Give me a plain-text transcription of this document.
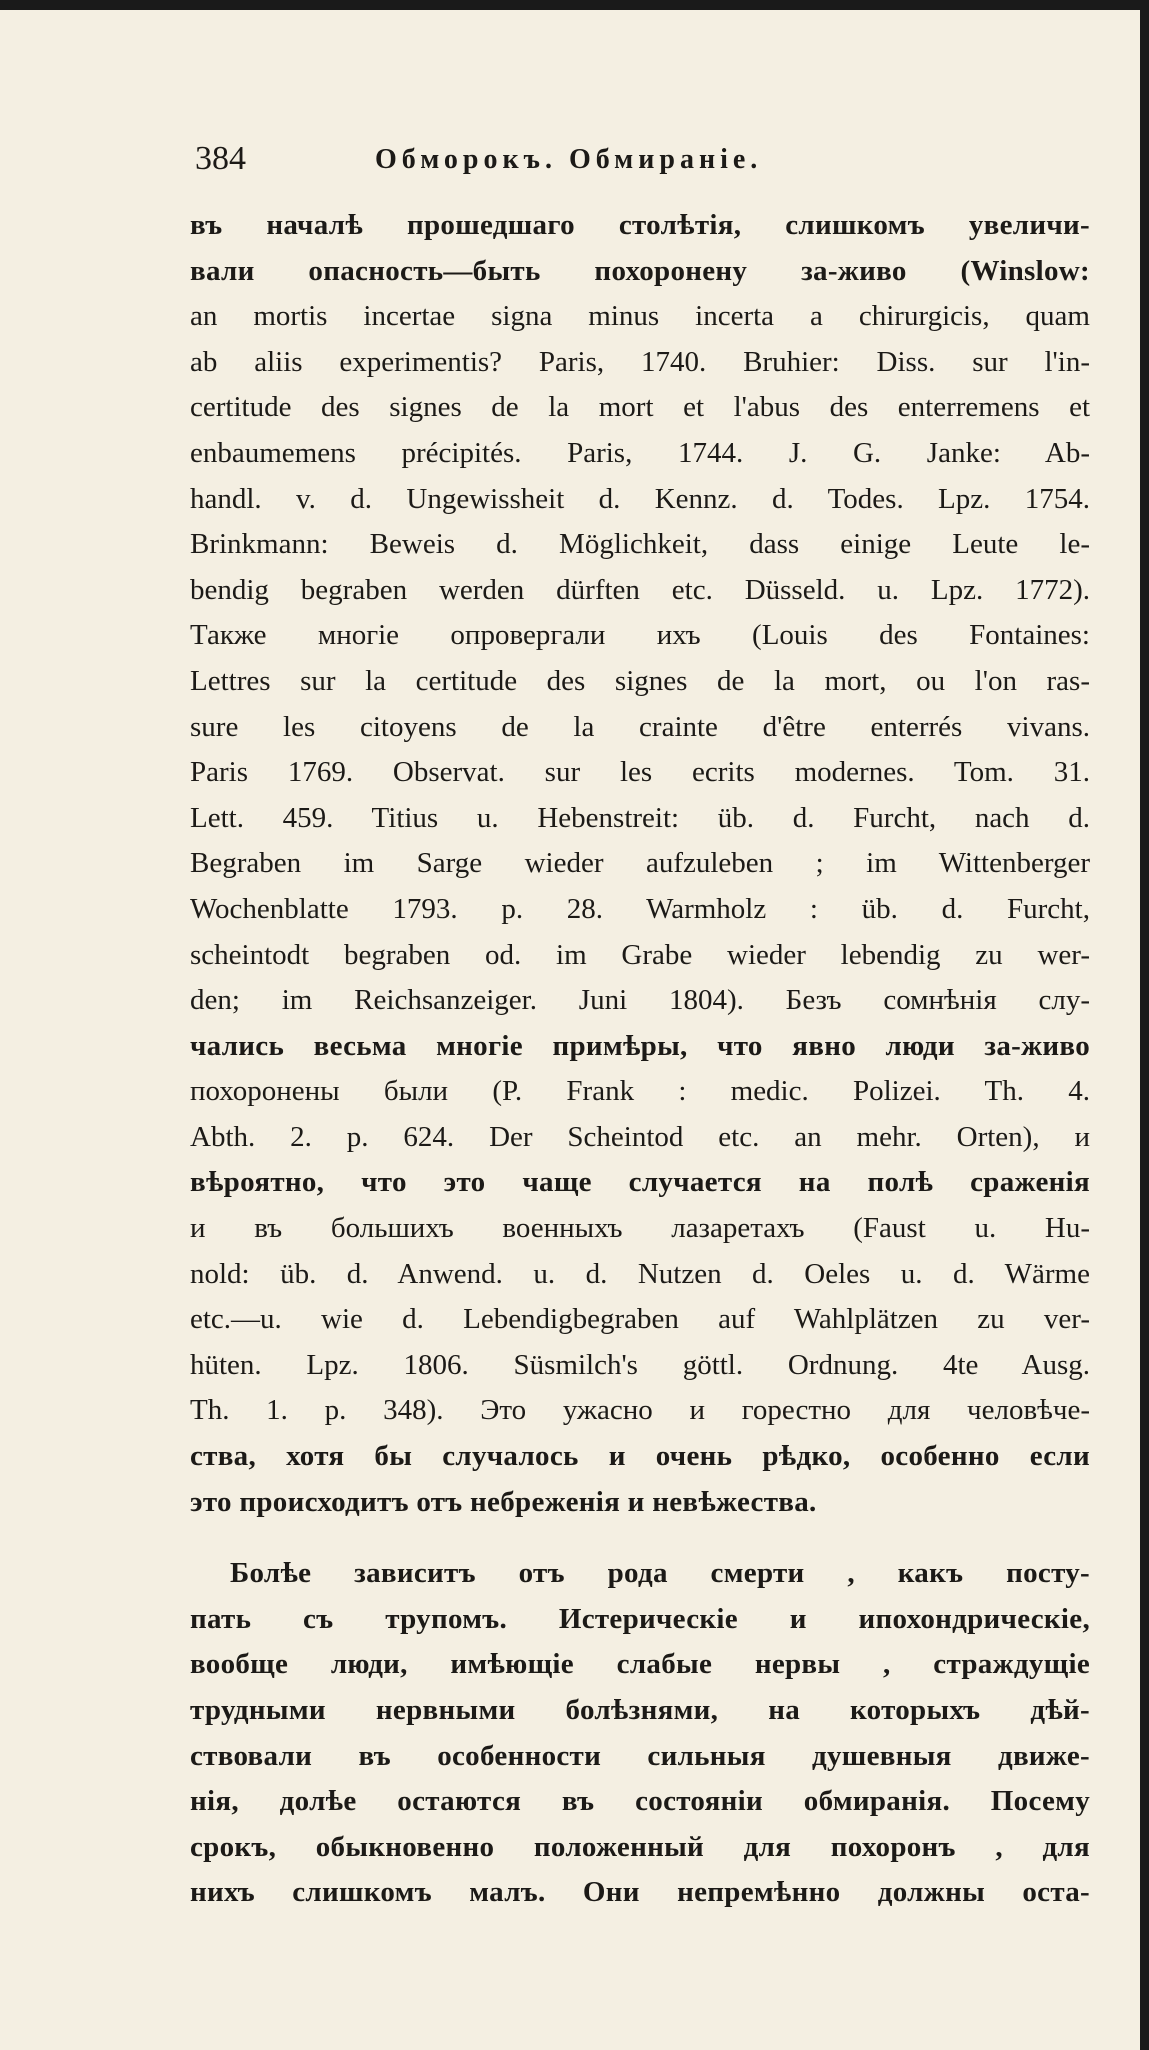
384	Обморокъ. Обмиранiе.
въ началѣ прошедшаго столѣтiя, слишкомъ увеличи-
вали опасность—быть похоронену за-живо (Winslow:
an mortis incertae signa minus incerta a chirurgicis, quam
ab aliis experimentis? Paris, 1740. Bruhier: Diss. sur l'in-
certitude des signes de la mort et l'abus des enterremens et
enbaumemens précipités. Paris, 1744. J. G. Janke: Ab-
handl. v. d. Ungewissheit d. Kennz. d. Todes. Lpz. 1754.
Brinkmann: Beweis d. Möglichkeit, dass einige Leute le-
bendig begraben werden dürften etc. Düsseld. u. Lpz. 1772).
Также многiе опровергали ихъ (Louis des Fontaines:
Lettres sur la certitude des signes de la mort, ou l'on ras-
sure les citoyens de la crainte d'être enterrés vivans.
Paris 1769. Observat. sur les ecrits modernes. Tom. 31.
Lett. 459. Titius u. Hebenstreit: üb. d. Furcht, nach d.
Begraben im Sarge wieder aufzuleben ; im Wittenberger
Wochenblatte 1793. p. 28. Warmholz : üb. d. Furcht,
scheintodt begraben od. im Grabe wieder lebendig zu wer-
den; im Reichsanzeiger. Juni 1804). Безъ сомнѣнiя слу-
чались весьма многiе примѣры, что явно люди за-живо
похоронены были (P. Frank : medic. Polizei. Th. 4.
Abth. 2. p. 624. Der Scheintod etc. an mehr. Orten), и
вѣроятно, что это чаще случается на полѣ сраженiя
и въ большихъ военныхъ лазаретахъ (Faust u. Hu-
nold: üb. d. Anwend. u. d. Nutzen d. Oeles u. d. Wärme
etc.—u. wie d. Lebendigbegraben auf Wahlplätzen zu ver-
hüten. Lpz. 1806. Süsmilch's göttl. Ordnung. 4te Ausg.
Th. 1. p. 348). Это ужасно и горестно для человѣче-
ства, хотя бы случалось и очень рѣдко, особенно если
это происходитъ отъ небреженiя и невѣжества.
Болѣе зависитъ отъ рода смерти , какъ посту-
пать съ трупомъ. Истерическiе и ипохондрическiе,
вообще люди, имѣющiе слабые нервы , страждущiе
трудными нервными болѣзнями, на которыхъ дѣй-
ствовали въ особенности сильныя душевныя движе-
нiя, долѣе остаются въ состоянiи обмиранiя. Посему
срокъ, обыкновенно положенный для похоронъ , для
нихъ слишкомъ малъ. Они непремѣнно должны оста-
